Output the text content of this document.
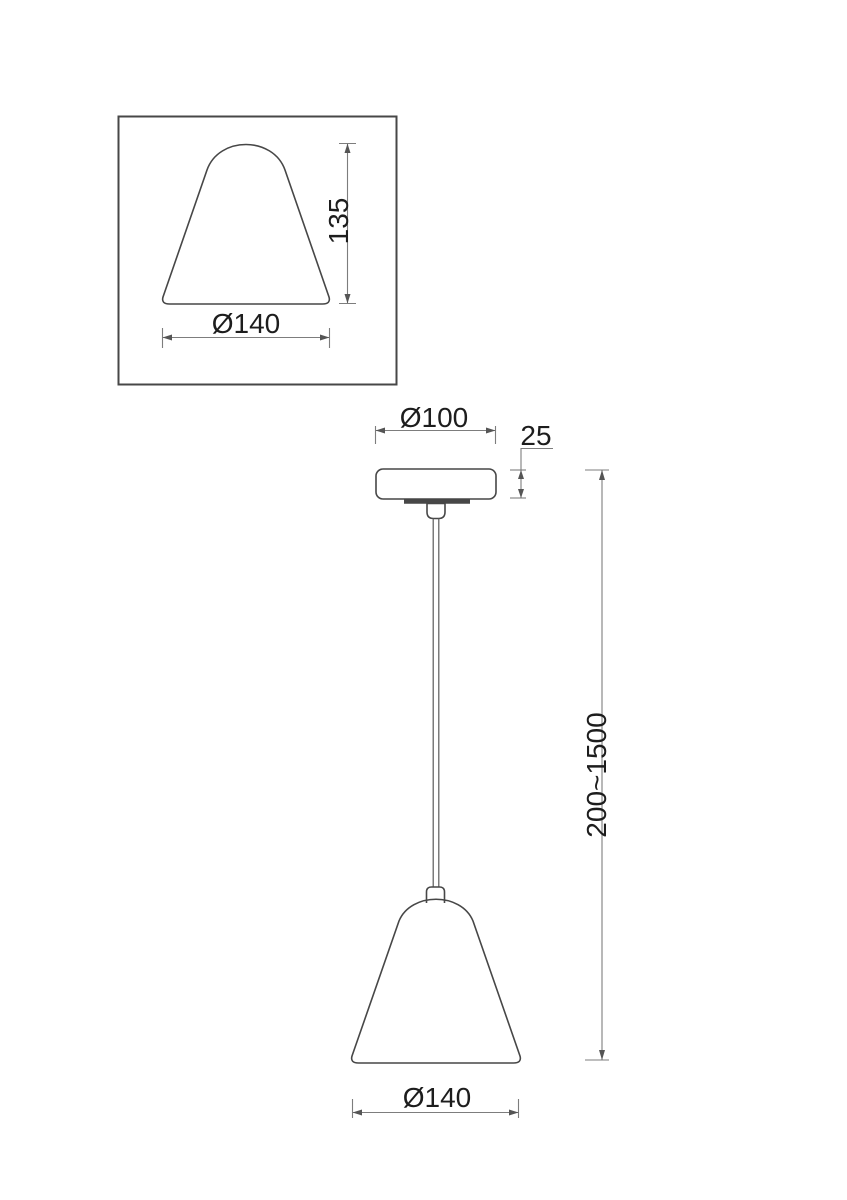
135
Ø140
Ø100
25
200~1500
Ø140
